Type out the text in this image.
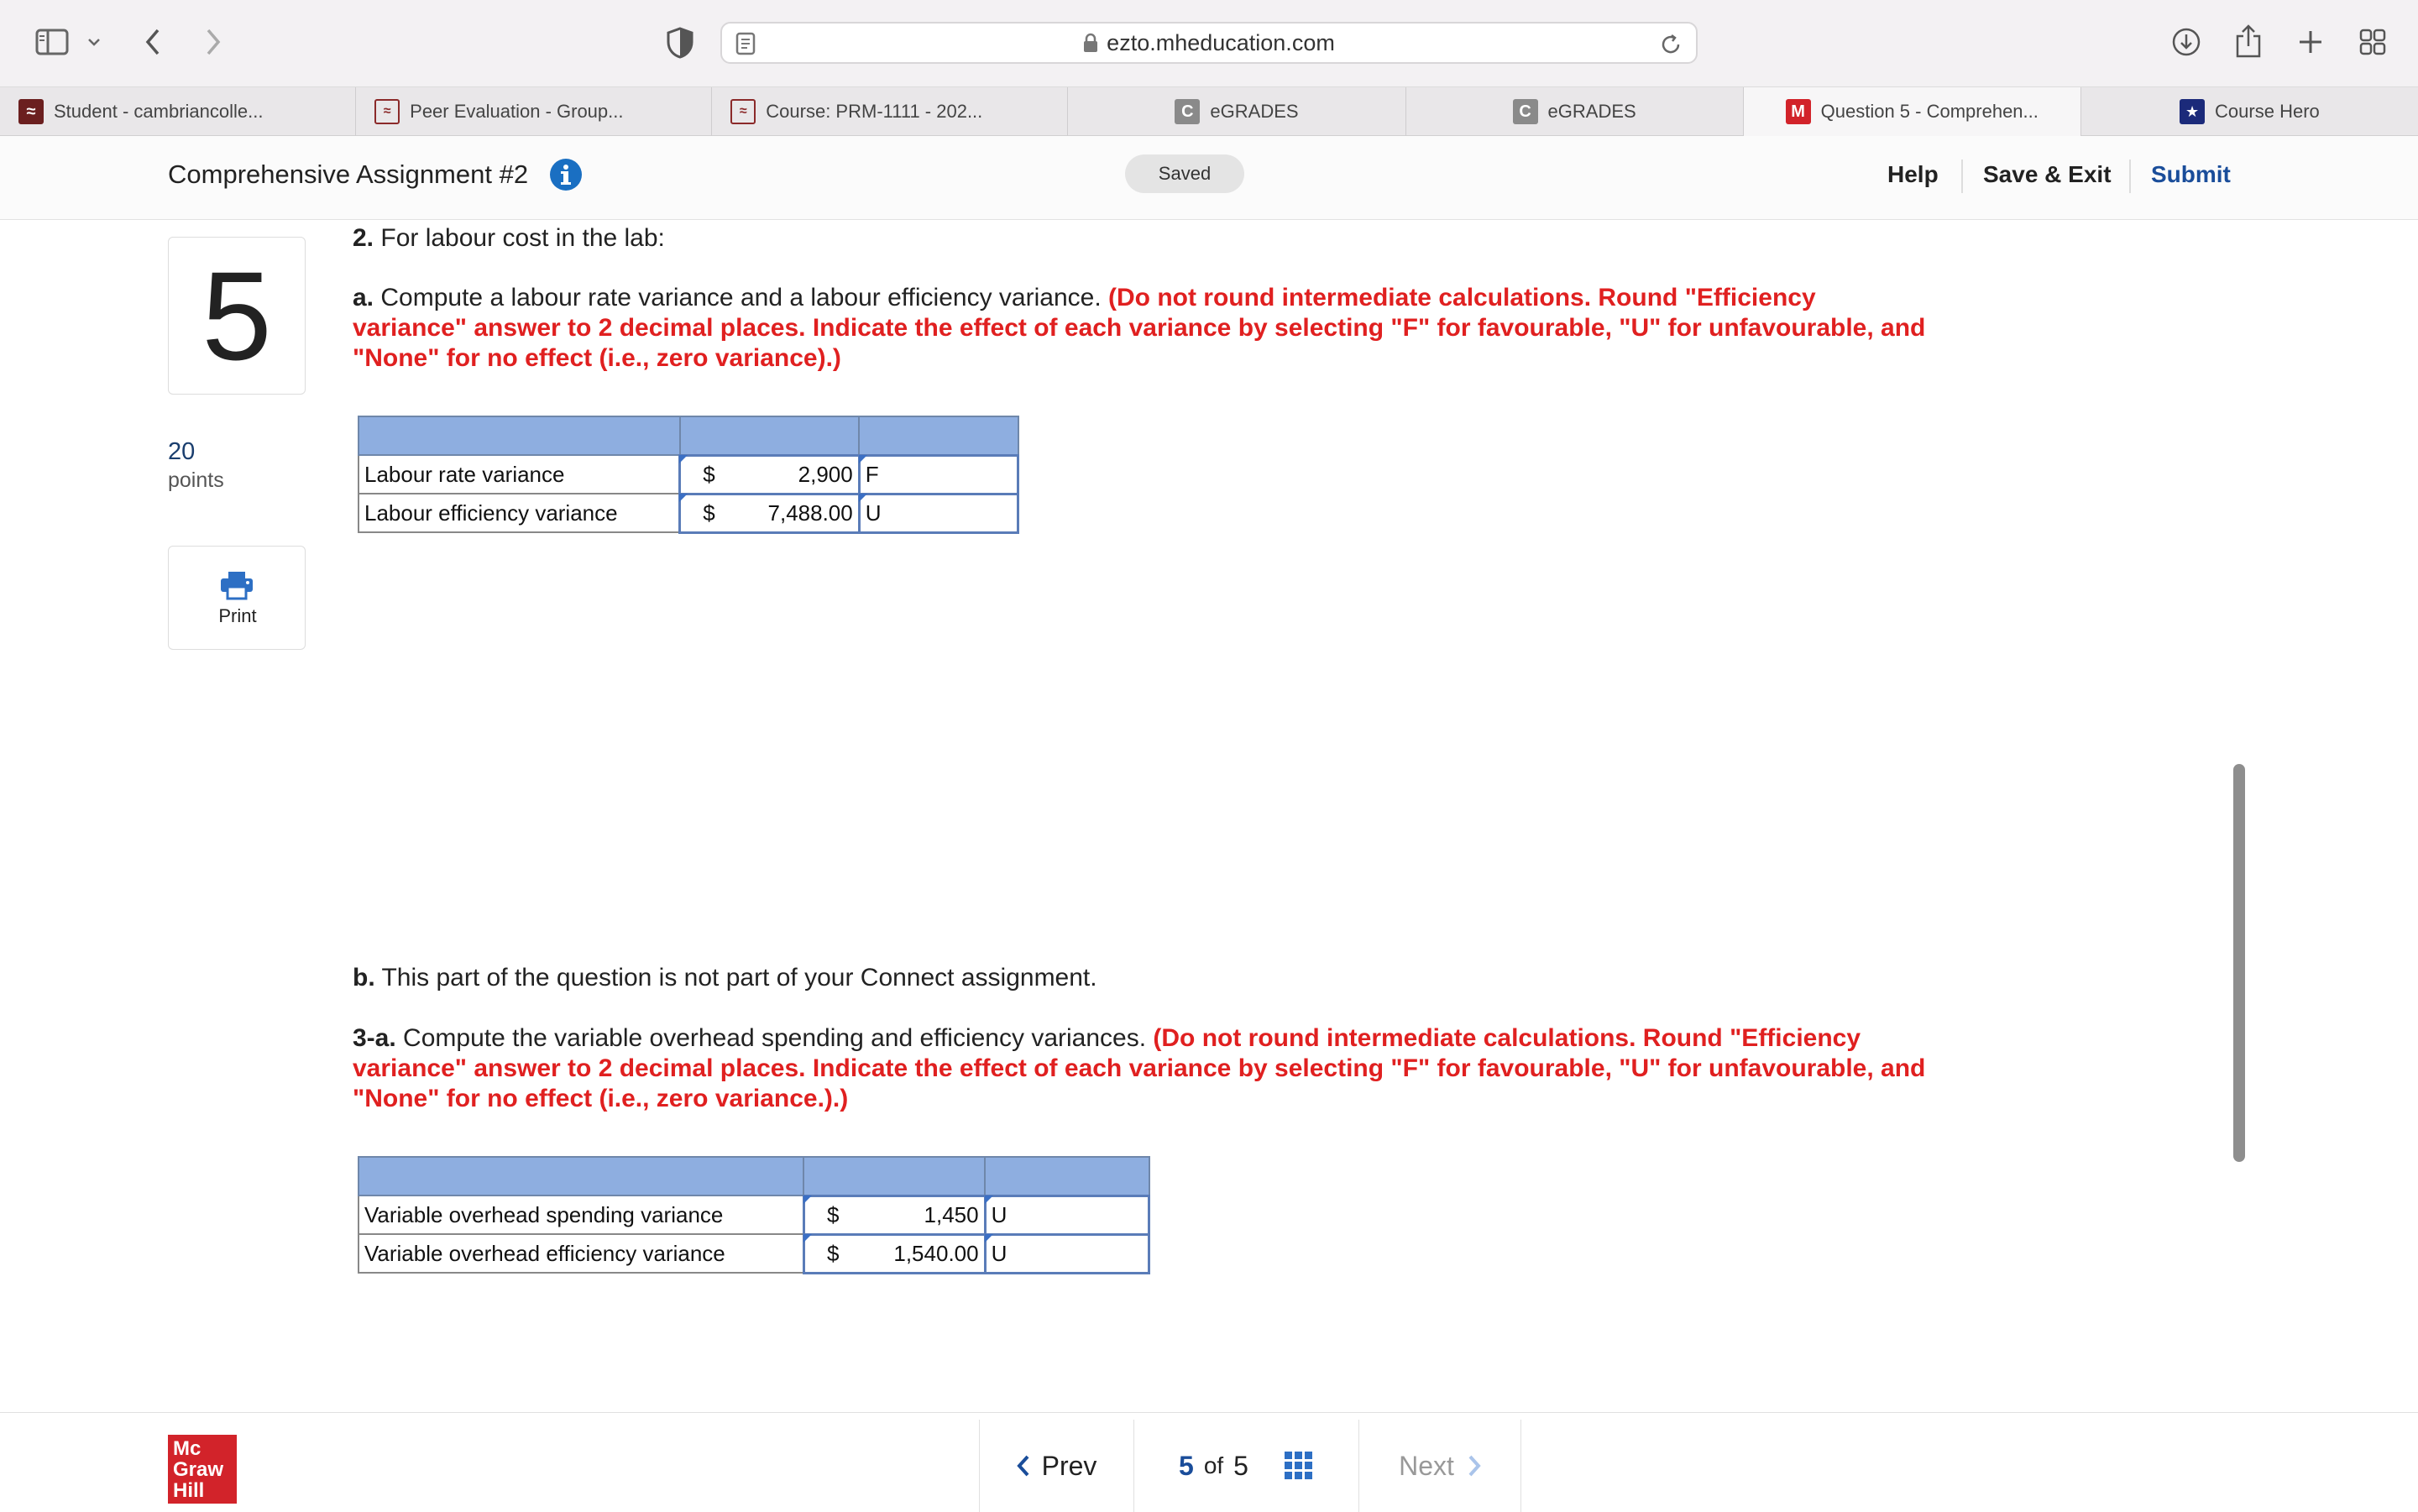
ezto.mheducation.com
≈ Student - cambriancolle...	≈	Peer Evaluation - Group...	≈	Course: PRM-1111 - 202...	C eGRADES	C eGRADES	M Question 5 - Comprehen...	★ Course Hero
Comprehensive Assignment #2	Saved	Help Save & Exit Submit
5
20
points
Print
2. For labour cost in the lab:
a. Compute a labour rate variance and a labour efficiency variance. (Do not round intermediate calculations. Round "Efficiency variance" answer to 2 decimal places. Indicate the effect of each variance by selecting "F" for favourable, "U" for unfavourable, and "None" for no effect (i.e., zero variance).)

Labour rate variance	$ 2,900	F
Labour efficiency variance	$ 7,488.00	U
b. This part of the question is not part of your Connect assignment.
3-a. Compute the variable overhead spending and efficiency variances. (Do not round intermediate calculations. Round "Efficiency variance" answer to 2 decimal places. Indicate the effect of each variance by selecting "F" for favourable, "U" for unfavourable, and "None" for no effect (i.e., zero variance.).)

Variable overhead spending variance	$ 1,450	U
Variable overhead efficiency variance	$ 1,540.00	U
Mc
Graw
Hill
Prev	5 of 5	Next
